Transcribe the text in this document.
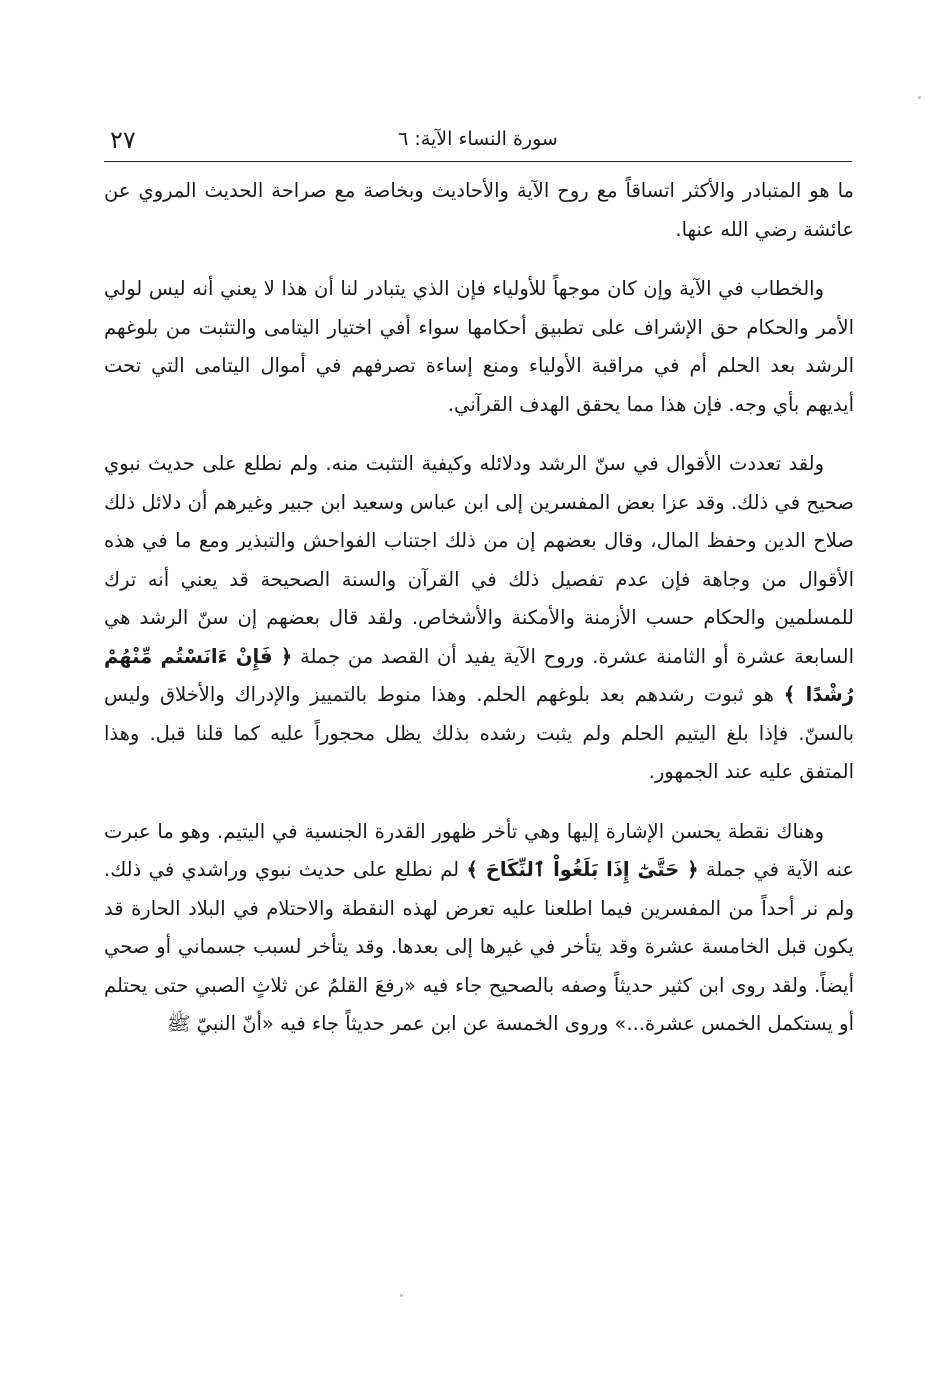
سورة النساء الآية: ٦
٢٧

ما هو المتبادر والأكثر اتساقاً مع روح الآية والأحاديث وبخاصة مع صراحة الحديث المروي عن عائشة رضي الله عنها.

والخطاب في الآية وإن كان موجهاً للأولياء فإن الذي يتبادر لنا أن هذا لا يعني أنه ليس لولي الأمر والحكام حق الإشراف على تطبيق أحكامها سواء أفي اختيار اليتامى والتثبت من بلوغهم الرشد بعد الحلم أم في مراقبة الأولياء ومنع إساءة تصرفهم في أموال اليتامى التي تحت أيديهم بأي وجه. فإن هذا مما يحقق الهدف القرآني.

ولقد تعددت الأقوال في سنّ الرشد ودلائله وكيفية التثبت منه. ولم نطلع على حديث نبوي صحيح في ذلك. وقد عزا بعض المفسرين إلى ابن عباس وسعيد ابن جبير وغيرهم أن دلائل ذلك صلاح الدين وحفظ المال، وقال بعضهم إن من ذلك اجتناب الفواحش والتبذير ومع ما في هذه الأقوال من وجاهة فإن عدم تفصيل ذلك في القرآن والسنة الصحيحة قد يعني أنه ترك للمسلمين والحكام حسب الأزمنة والأمكنة والأشخاص. ولقد قال بعضهم إن سنّ الرشد هي السابعة عشرة أو الثامنة عشرة. وروح الآية يفيد أن القصد من جملة ﴿ فَإِنْ ءَانَسْتُم مِّنْهُمْ رُشْدًا ﴾ هو ثبوت رشدهم بعد بلوغهم الحلم. وهذا منوط بالتمييز والإدراك والأخلاق وليس بالسنّ. فإذا بلغ اليتيم الحلم ولم يثبت رشده بذلك يظل محجوراً عليه كما قلنا قبل. وهذا المتفق عليه عند الجمهور.

وهناك نقطة يحسن الإشارة إليها وهي تأخر ظهور القدرة الجنسية في اليتيم. وهو ما عبرت عنه الآية في جملة ﴿ حَتَّىٰٓ إِذَا بَلَغُواْ ٱلنِّكَاحَ ﴾ لم نطلع على حديث نبوي وراشدي في ذلك. ولم نر أحداً من المفسرين فيما اطلعنا عليه تعرض لهذه النقطة والاحتلام في البلاد الحارة قد يكون قبل الخامسة عشرة وقد يتأخر في غيرها إلى بعدها. وقد يتأخر لسبب جسماني أو صحي أيضاً. ولقد روى ابن كثير حديثاً وصفه بالصحيح جاء فيه «رفعَ القلمُ عن ثلاثٍ الصبي حتى يحتلم أو يستكمل الخمس عشرة...» وروى الخمسة عن ابن عمر حديثاً جاء فيه «أنّ النبيّ ﷺ
